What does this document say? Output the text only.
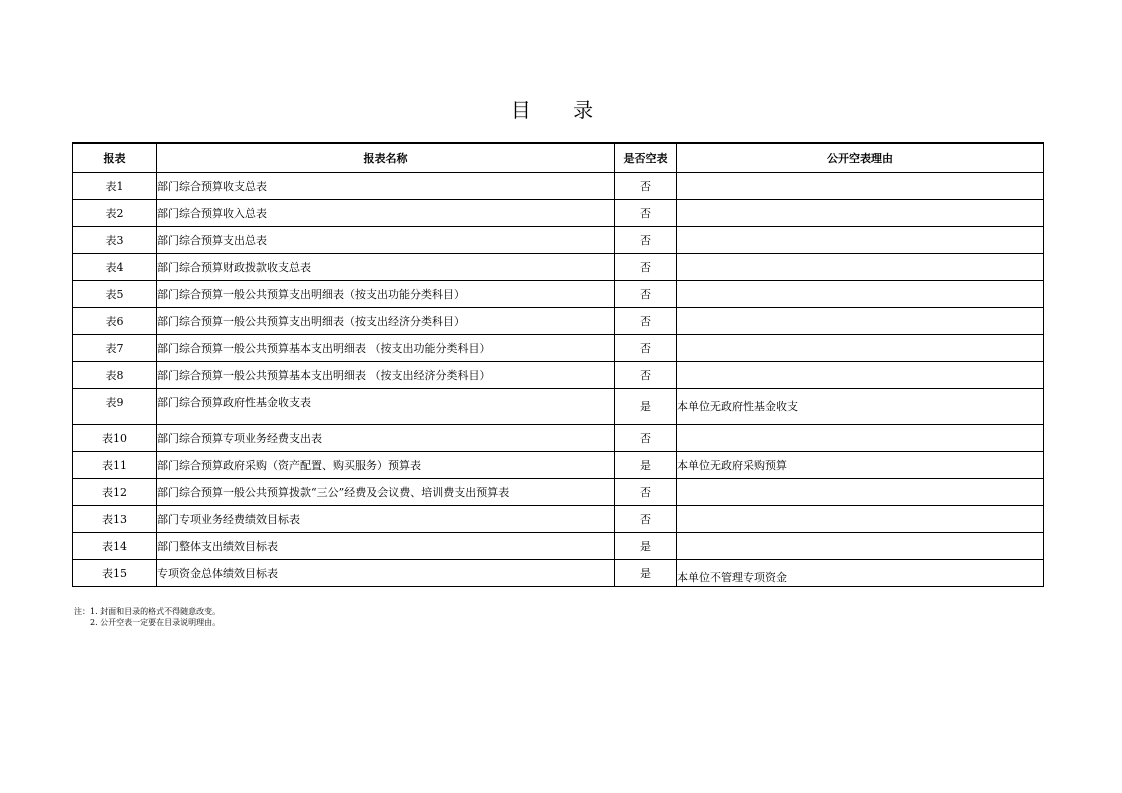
目 录
报表	报表名称	是否空表	公开空表理由
表1	部门综合预算收支总表	否	
表2	部门综合预算收入总表	否	
表3	部门综合预算支出总表	否	
表4	部门综合预算财政拨款收支总表	否	
表5	部门综合预算一般公共预算支出明细表（按支出功能分类科目）	否	
表6	部门综合预算一般公共预算支出明细表（按支出经济分类科目）	否	
表7	部门综合预算一般公共预算基本支出明细表 （按支出功能分类科目）	否	
表8	部门综合预算一般公共预算基本支出明细表 （按支出经济分类科目）	否	
表9	部门综合预算政府性基金收支表	是	本单位无政府性基金收支
表10	部门综合预算专项业务经费支出表	否	
表11	部门综合预算政府采购（资产配置、购买服务）预算表	是	本单位无政府采购预算
表12	部门综合预算一般公共预算拨款“三公”经费及会议费、培训费支出预算表	否	
表13	部门专项业务经费绩效目标表	否	
表14	部门整体支出绩效目标表	是	
表15	专项资金总体绩效目标表	是	本单位不管理专项资金
注：1. 封面和目录的格式不得随意改变。
2. 公开空表一定要在目录说明理由。
